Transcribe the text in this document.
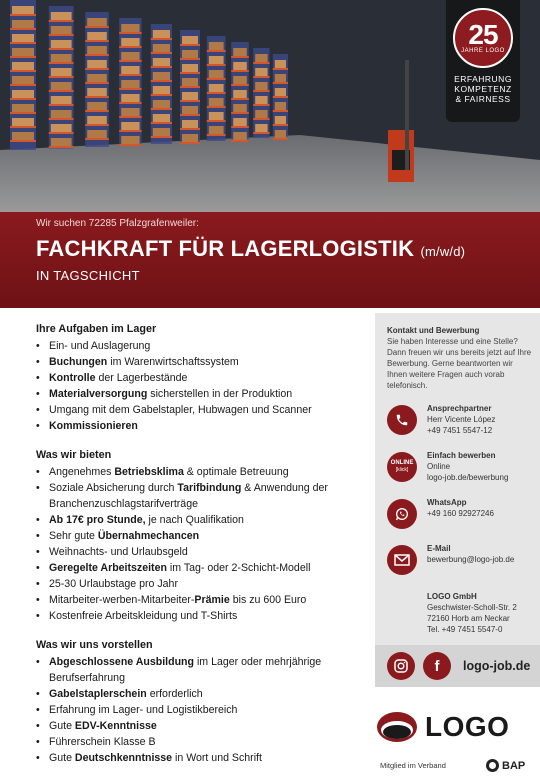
25
JAHRE LOGO
ERFAHRUNG
KOMPETENZ
& FAIRNESS
Wir suchen 72285 Pfalzgrafenweiler:
FACHKRAFT FÜR LAGERLOGISTIK (m/w/d)
IN TAGSCHICHT
Ihre Aufgaben im Lager
• Ein- und Auslagerung
• Buchungen im Warenwirtschaftssystem
• Kontrolle der Lagerbestände
• Materialversorgung sicherstellen in der Produktion
• Umgang mit dem Gabelstapler, Hubwagen und Scanner
• Kommissionieren
Was wir bieten
• Angenehmes Betriebsklima & optimale Betreuung
• Soziale Absicherung durch Tarifbindung & Anwendung der Branchenzuschlagstarifverträge
• Ab 17€ pro Stunde, je nach Qualifikation
• Sehr gute Übernahmechancen
• Weihnachts- und Urlaubsgeld
• Geregelte Arbeitszeiten im Tag- oder 2-Schicht-Modell
• 25-30 Urlaubstage pro Jahr
• Mitarbeiter-werben-Mitarbeiter-Prämie bis zu 600 Euro
• Kostenfreie Arbeitskleidung und T-Shirts
Was wir uns vorstellen
• Abgeschlossene Ausbildung im Lager oder mehrjährige Berufserfahrung
• Gabelstaplerschein erforderlich
• Erfahrung im Lager- und Logistikbereich
• Gute EDV-Kenntnisse
• Führerschein Klasse B
• Gute Deutschkenntnisse in Wort und Schrift
Kontakt und Bewerbung
Sie haben Interesse und eine Stelle? Dann freuen wir uns bereits jetzt auf Ihre Bewerbung. Gerne beantworten wir Ihnen weitere Fragen auch vorab telefonisch.
Ansprechpartner
Herr Vicente López
+49 7451 5547-12
ONLINE
[klick]
Einfach bewerben
Online
logo-job.de/bewerbung
WhatsApp
+49 160 92927246
E-Mail
bewerbung@logo-job.de
LOGO GmbH
Geschwister-Scholl-Str. 2
72160 Horb am Neckar
Tel. +49 7451 5547-0
f logo-job.de
LOGO
Mitglied im Verband	BAP
